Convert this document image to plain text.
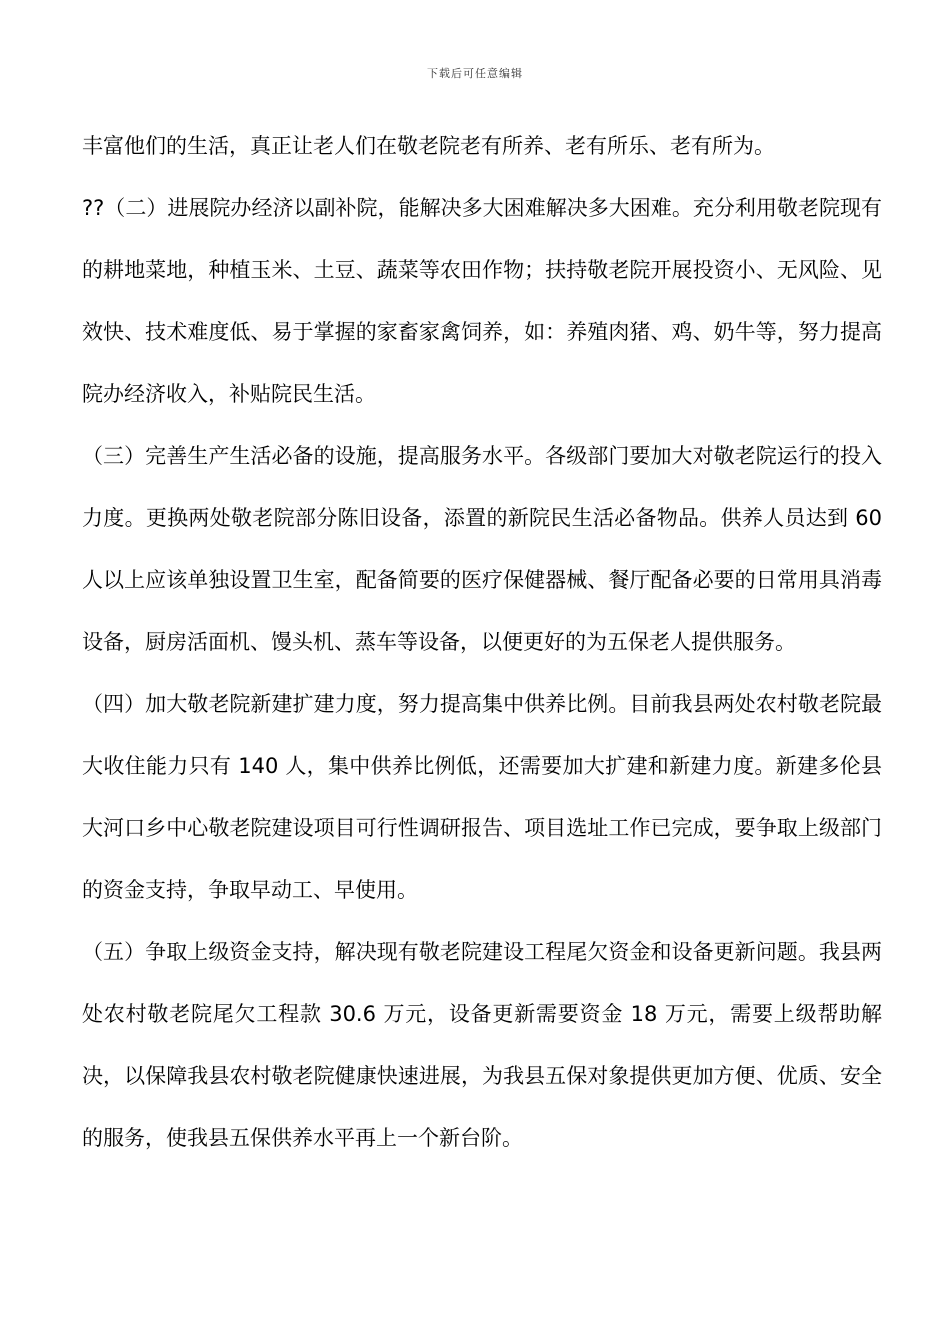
下载后可任意编辑

丰富他们的生活，真正让老人们在敬老院老有所养、老有所乐、老有所为。

??（二）进展院办经济以副补院，能解决多大困难解决多大困难。充分利用敬老院现有的耕地菜地，种植玉米、土豆、蔬菜等农田作物；扶持敬老院开展投资小、无风险、见效快、技术难度低、易于掌握的家畜家禽饲养，如：养殖肉猪、鸡、奶牛等，努力提高院办经济收入，补贴院民生活。

（三）完善生产生活必备的设施，提高服务水平。各级部门要加大对敬老院运行的投入力度。更换两处敬老院部分陈旧设备，添置的新院民生活必备物品。供养人员达到 60 人以上应该单独设置卫生室，配备简要的医疗保健器械、餐厅配备必要的日常用具消毒设备，厨房活面机、馒头机、蒸车等设备，以便更好的为五保老人提供服务。

（四）加大敬老院新建扩建力度，努力提高集中供养比例。目前我县两处农村敬老院最大收住能力只有 140 人，集中供养比例低，还需要加大扩建和新建力度。新建多伦县大河口乡中心敬老院建设项目可行性调研报告、项目选址工作已完成，要争取上级部门的资金支持，争取早动工、早使用。

（五）争取上级资金支持，解决现有敬老院建设工程尾欠资金和设备更新问题。我县两处农村敬老院尾欠工程款 30.6 万元，设备更新需要资金 18 万元，需要上级帮助解决，以保障我县农村敬老院健康快速进展，为我县五保对象提供更加方便、优质、安全的服务，使我县五保供养水平再上一个新台阶。
